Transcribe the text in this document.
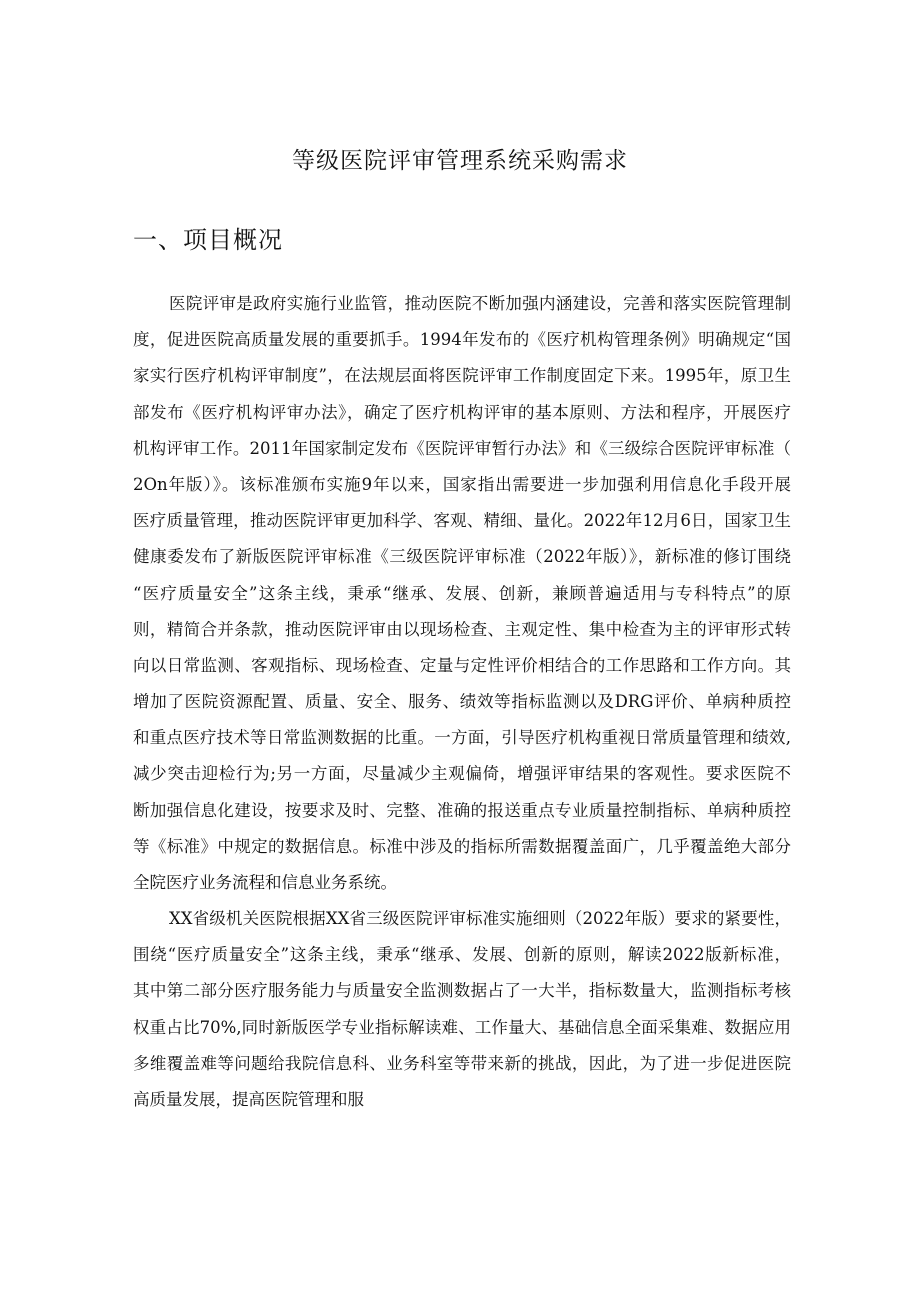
等级医院评审管理系统采购需求
一、项目概况
医院评审是政府实施行业监管，推动医院不断加强内涵建设，完善和落实医院管理制
度，促进医院高质量发展的重要抓手。1994年发布的《医疗机构管理条例》明确规定“国
家实行医疗机构评审制度”，在法规层面将医院评审工作制度固定下来。1995年，原卫生
部发布《医疗机构评审办法》，确定了医疗机构评审的基本原则、方法和程序，开展医疗
机构评审工作。2011年国家制定发布《医院评审暂行办法》和《三级综合医院评审标准（
2On年版）》。该标准颁布实施9年以来，国家指出需要进一步加强利用信息化手段开展
医疗质量管理，推动医院评审更加科学、客观、精细、量化。2022年12月6日，国家卫生
健康委发布了新版医院评审标准《三级医院评审标准（2022年版）》，新标准的修订围绕
“医疗质量安全”这条主线，秉承“继承、发展、创新，兼顾普遍适用与专科特点”的原
则，精简合并条款，推动医院评审由以现场检查、主观定性、集中检查为主的评审形式转
向以日常监测、客观指标、现场检查、定量与定性评价相结合的工作思路和工作方向。其
增加了医院资源配置、质量、安全、服务、绩效等指标监测以及DRG评价、单病种质控
和重点医疗技术等日常监测数据的比重。一方面，引导医疗机构重视日常质量管理和绩效,
减少突击迎检行为;另一方面，尽量减少主观偏倚，增强评审结果的客观性。要求医院不
断加强信息化建设，按要求及时、完整、准确的报送重点专业质量控制指标、单病种质控
等《标准》中规定的数据信息。标准中涉及的指标所需数据覆盖面广，几乎覆盖绝大部分
全院医疗业务流程和信息业务系统。
XX省级机关医院根据XX省三级医院评审标准实施细则（2022年版）要求的紧要性，
围绕“医疗质量安全”这条主线，秉承“继承、发展、创新的原则，解读2022版新标准，
其中第二部分医疗服务能力与质量安全监测数据占了一大半，指标数量大，监测指标考核
权重占比70%,同时新版医学专业指标解读难、工作量大、基础信息全面采集难、数据应用
多维覆盖难等问题给我院信息科、业务科室等带来新的挑战，因此，为了进一步促进医院
高质量发展，提高医院管理和服
